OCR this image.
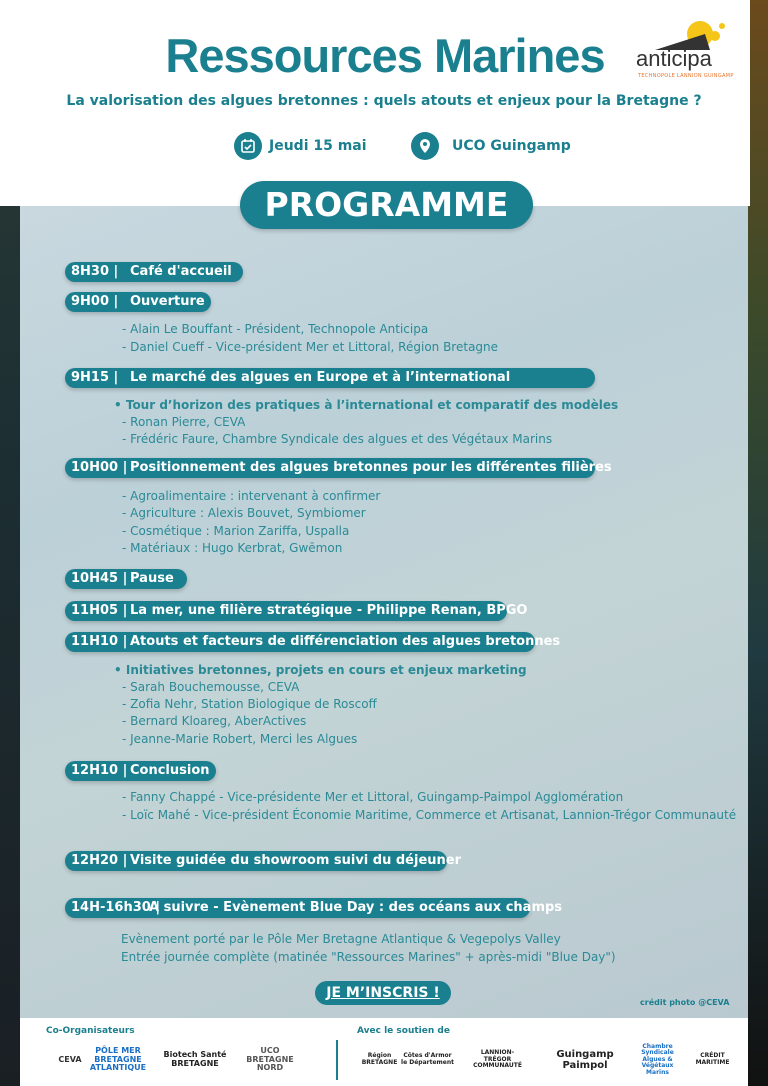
Ressources Marines anticipa
TECHNOPOLE LANNION GUINGAMP
La valorisation des algues bretonnes : quels atouts et enjeux pour la Bretagne ?
Jeudi 15 mai	UCO Guingamp
PROGRAMME
8H30 | Café d'accueil
9H00 | Ouverture
- Alain Le Bouffant - Président, Technopole Anticipa
- Daniel Cueff - Vice-président Mer et Littoral, Région Bretagne
9H15 | Le marché des algues en Europe et à l’international
• Tour d’horizon des pratiques à l’international et comparatif des modèles
- Ronan Pierre, CEVA
- Frédéric Faure, Chambre Syndicale des algues et des Végétaux Marins
10H00 | Positionnement des algues bretonnes pour les différentes filières
- Agroalimentaire : intervenant à confirmer
- Agriculture : Alexis Bouvet, Symbiomer
- Cosmétique : Marion Zariffa, Uspalla
- Matériaux : Hugo Kerbrat, Gwēmon
10H45 | Pause
11H05 | La mer, une filière stratégique - Philippe Renan, BPGO
11H10 | Atouts et facteurs de différenciation des algues bretonnes
• Initiatives bretonnes, projets en cours et enjeux marketing
- Sarah Bouchemousse, CEVA
- Zofia Nehr, Station Biologique de Roscoff
- Bernard Kloareg, AberActives
- Jeanne-Marie Robert, Merci les Algues
12H10 | Conclusion
- Fanny Chappé - Vice-présidente Mer et Littoral, Guingamp-Paimpol Agglomération
- Loïc Mahé - Vice-président Économie Maritime, Commerce et Artisanat, Lannion-Trégor Communauté
12H20 | Visite guidée du showroom suivi du déjeuner
14H-16h30 |
A suivre - Evènement Blue Day : des océans aux champs
Evènement porté par le Pôle Mer Bretagne Atlantique & Vegepolys Valley
Entrée journée complète (matinée "Ressources Marines" + après-midi "Blue Day")
JE M’INSCRIS !
crédit photo @CEVA
Co-Organisateurs	Avec le soutien de
CEVA
PÔLE MER BRETAGNE ATLANTIQUE
Biotech Santé BRETAGNE
UCO BRETAGNE NORD
Région BRETAGNE
Côtes d'Armor le Département
LANNION-TRÉGOR COMMUNAUTÉ
Guingamp Paimpol
Chambre Syndicale Algues & Végétaux Marins
CRÉDIT MARITIME
